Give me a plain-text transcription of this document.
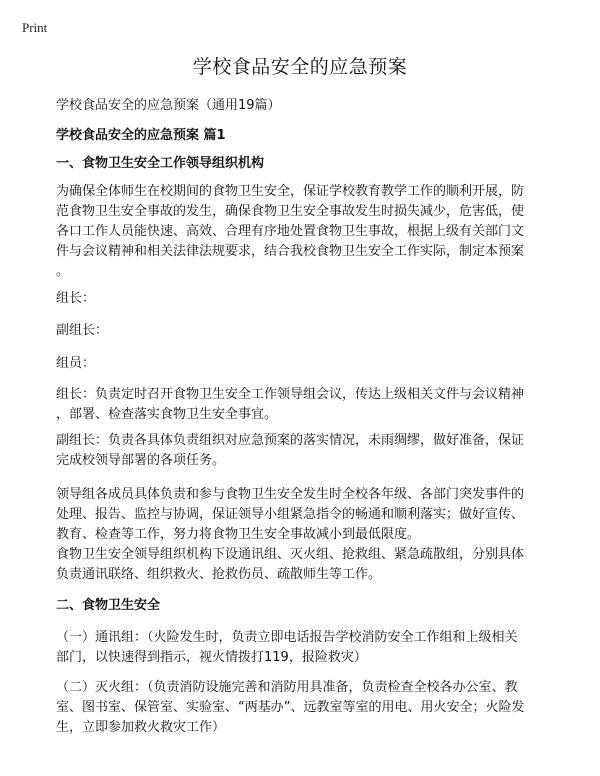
Print
学校食品安全的应急预案
学校食品安全的应急预案（通用19篇）
学校食品安全的应急预案 篇1
一、食物卫生安全工作领导组织机构
为确保全体师生在校期间的食物卫生安全，保证学校教育教学工作的顺利开展，防
范食物卫生安全事故的发生，确保食物卫生安全事故发生时损失减少，危害低，使
各口工作人员能快速、高效、合理有序地处置食物卫生事故，根据上级有关部门文
件与会议精神和相关法律法规要求，结合我校食物卫生安全工作实际，制定本预案
。
组长：
副组长：
组员：
组长：负责定时召开食物卫生安全工作领导组会议，传达上级相关文件与会议精神
，部署、检查落实食物卫生安全事宜。
副组长：负责各具体负责组织对应急预案的落实情况，未雨绸缪，做好准备，保证
完成校领导部署的各项任务。
领导组各成员具体负责和参与食物卫生安全发生时全校各年级、各部门突发事件的
处理、报告、监控与协调，保证领导小组紧急指令的畅通和顺利落实；做好宣传、
教育、检查等工作，努力将食物卫生安全事故减小到最低限度。
食物卫生安全领导组织机构下设通讯组、灭火组、抢救组、紧急疏散组，分别具体
负责通讯联络、组织救火、抢救伤员、疏散师生等工作。
二、食物卫生安全
（一）通讯组：（火险发生时，负责立即电话报告学校消防安全工作组和上级相关
部门，以快速得到指示，视火情拨打119，报险救灾）
（二）灭火组：（负责消防设施完善和消防用具准备，负责检查全校各办公室、教
室、图书室、保管室、实验室、“两基办”、远教室等室的用电、用火安全；火险发
生，立即参加救火救灾工作）
